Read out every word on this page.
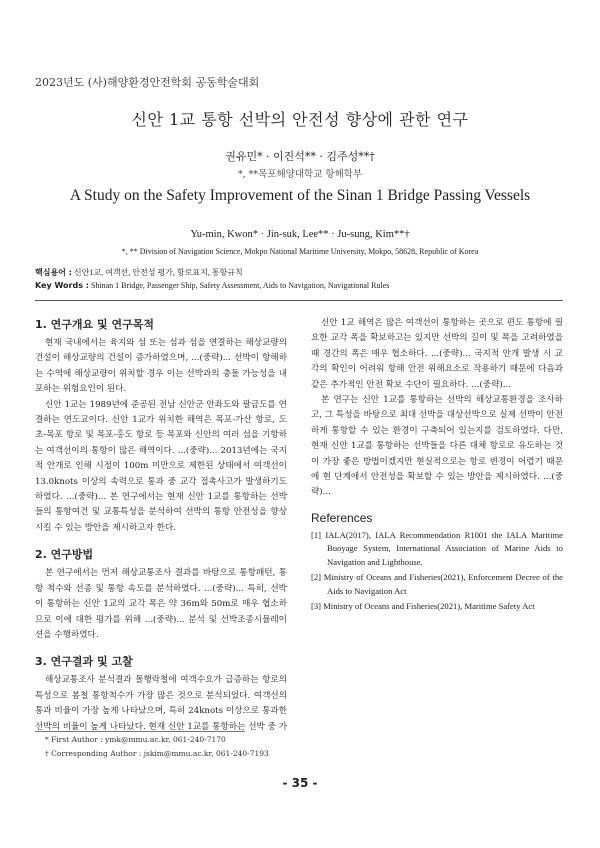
2023년도 (사)해양환경안전학회 공동학술대회
신안 1교 통항 선박의 안전성 향상에 관한 연구
권유민* · 이진석** · 김주성**†
*, **목포해양대학교 항해학부
A Study on the Safety Improvement of the Sinan 1 Bridge Passing Vessels
Yu-min, Kwon* · Jin-suk, Lee** · Ju-sung, Kim**†
*, ** Division of Navigation Science, Mokpo National Maritime University, Mokpo, 58628, Republic of Korea
핵심용어 : 신안1교, 여객선, 안전성 평가, 항로표지, 통항규칙
Key Words : Shinan 1 Bridge, Passenger Ship, Safety Assessment, Aids to Navigation, Navigational Rules
1. 연구개요 및 연구목적

현재 국내에서는 육지와 섬 또는 섬과 섬을 연결하는 해상교량의 건설이 해상교량의 건설이 증가하였으며, ...(중략)... 선박이 항해하는 수역에 해상교량이 위치할 경우 이는 선박과의 충돌 가능성을 내포하는 위험요인이 된다.

신안 1교는 1989년에 준공된 전남 신안군 안좌도와 팔금도를 연결하는 연도교이다. 신안 1교가 위치한 해역은 목포-가산 항로, 도초-목포 항로 및 목포-홍도 항로 등 목포와 신안의 여러 섬을 기항하는 여객선이의 통항이 많은 해역이다. ...(중략)... 2013년에는 국지적 안개로 인해 시정이 100m 미만으로 제한된 상태에서 여객선이 13.0knots 이상의 속력으로 통과 중 교각 접촉사고가 발생하기도 하였다. ...(중략)... 본 연구에서는 현재 신안 1교를 통항하는 선박들의 통항여건 및 교통특성을 분석하여 선박의 통항 안전성을 향상시킬 수 있는 방안을 제시하고자 한다.

2. 연구방법

본 연구에서는 먼저 해상교통조사 결과를 바탕으로 통항패턴, 통항 척수와 선종 및 통항 속도를 분석하였다. ...(중략)... 특히, 선박이 통항하는 신안 1교의 교각 폭은 약 36m와 50m로 매우 협소하므로 이에 대한 평가를 위해 ...(중략)... 분석 및 선박조종시뮬레이션을 수행하였다.

3. 연구결과 및 고찰

해상교통조사 분석결과 몰행락철에 여객수요가 급증하는 항로의 특성으로 봄철 통항척수가 가장 많은 것으로 분석되었다. 여객선의 통과 비율이 가장 높게 나타났으며, 특히 24knots 이상으로 통과한 선박의 비율이 높게 나타났다. 현재 신안 1교를 통항하는 선박 중 가

신안 1교 해역은 많은 여객선이 통항하는 곳으로 편도 통항에 필요한 교각 폭을 확보하고는 있지만 선박의 길이 및 폭을 고려하였을 때 경간의 폭은 매우 협소하다. ...(중략)... 국지적 안개 발생 시 교각의 확인이 어려워 항해 안전 위해요소로 작용하기 때문에 다음과 같은 추가적인 안전 확보 수단이 필요하다. ...(중략)...

본 연구는 신안 1교를 통항하는 선박의 해상교통환경을 조사하고, 그 특성을 바탕으로 최대 선박을 대상선박으로 실제 선박이 안전하게 통항할 수 있는 환경이 구축되어 있는지를 검토하였다. 다만, 현재 신안 1교를 통항하는 선박들을 다른 대체 항로로 유도하는 것이 가장 좋은 방법이겠지만 현실적으로는 항로 변경이 어렵기 때문에 현 단계에서 안전성을 확보할 수 있는 방안을 제시하였다. ...(중략)...

References

[1] IALA(2017), IALA Recommendation R1001 the IALA Maritime Buoyage System, International Association of Marine Aids to Navigation and Lighthouse.

[2] Ministry of Oceans and Fisheries(2021), Enforcement Decree of the Aids to Navigation Act

[3] Ministry of Oceans and Fisheries(2021), Maritime Safety Act

* First Author : ymk@mmu.ac.kr, 061-240-7170
† Corresponding Author : jskim@mmu.ac.kr, 061-240-7193
- 35 -
